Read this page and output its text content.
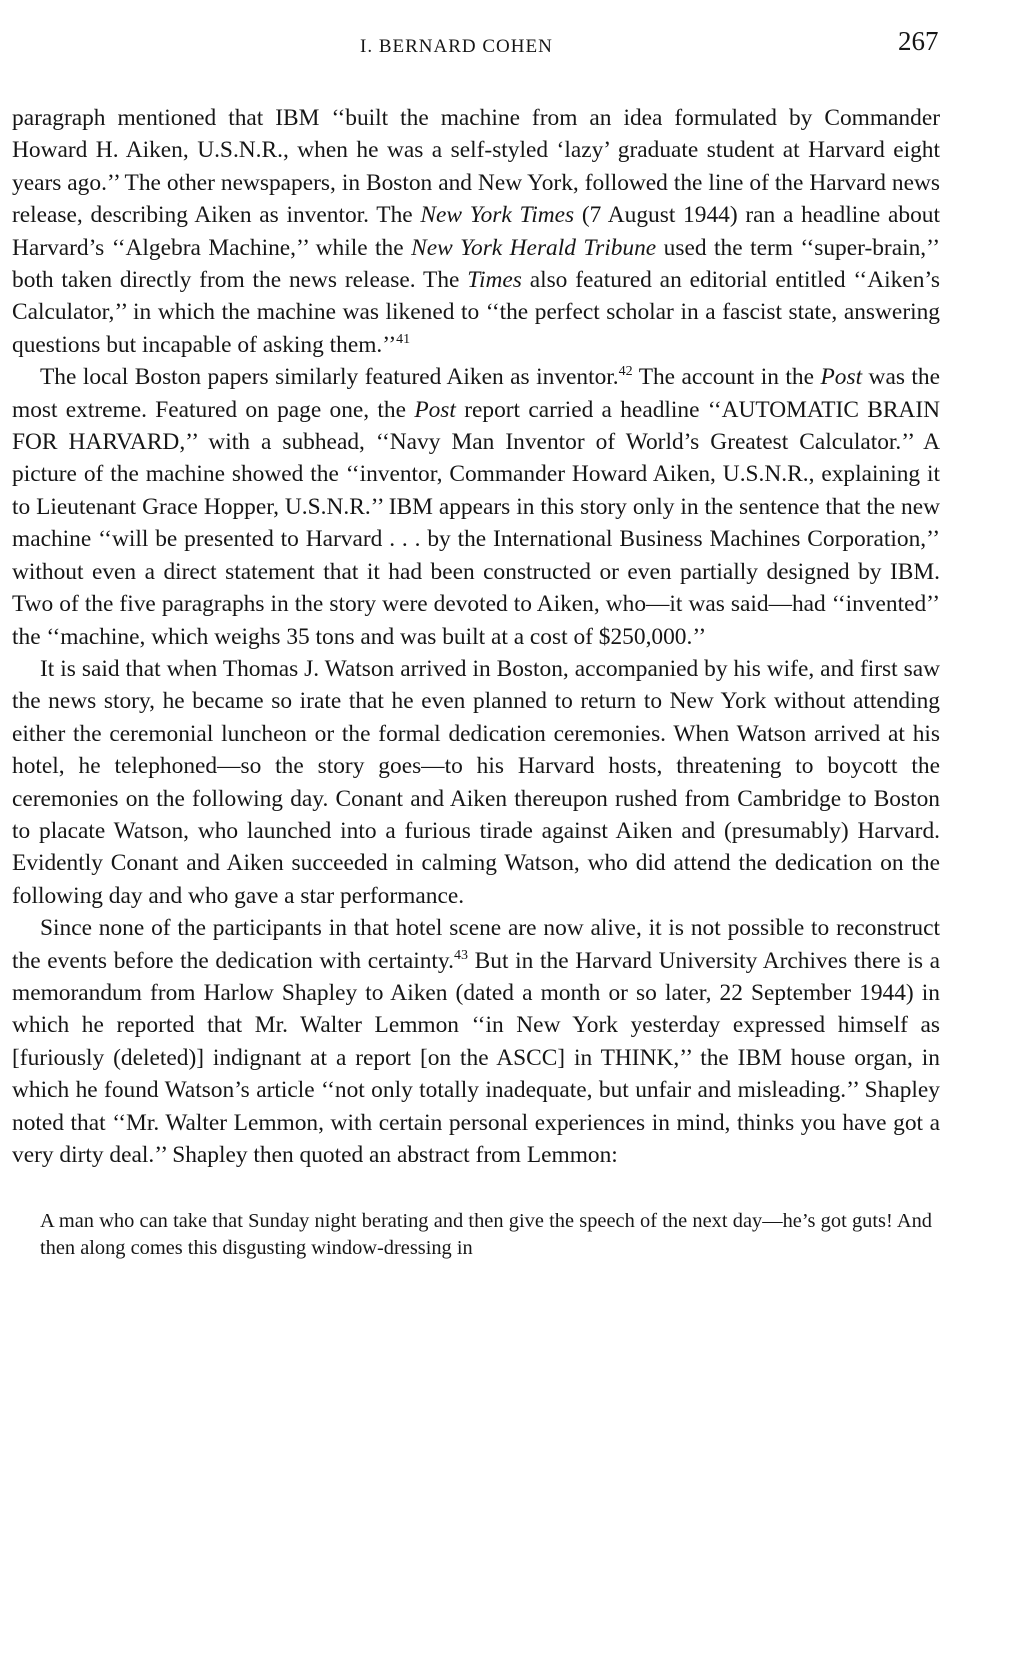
I. BERNARD COHEN	267

paragraph mentioned that IBM ‘‘built the machine from an idea formulated by Commander Howard H. Aiken, U.S.N.R., when he was a self-styled ‘lazy’ graduate student at Harvard eight years ago.’’ The other newspapers, in Boston and New York, followed the line of the Harvard news release, describing Aiken as inventor. The New York Times (7 August 1944) ran a headline about Harvard’s ‘‘Algebra Machine,’’ while the New York Herald Tribune used the term ‘‘super-brain,’’ both taken directly from the news release. The Times also featured an editorial entitled ‘‘Aiken’s Calculator,’’ in which the machine was likened to ‘‘the perfect scholar in a fascist state, answering questions but incapable of asking them.’’$^{41}$

The local Boston papers similarly featured Aiken as inventor.$^{42}$ The account in the Post was the most extreme. Featured on page one, the Post report carried a headline ‘‘AUTOMATIC BRAIN FOR HARVARD,’’ with a subhead, ‘‘Navy Man Inventor of World’s Greatest Calculator.’’ A picture of the machine showed the ‘‘inventor, Commander Howard Aiken, U.S.N.R., explaining it to Lieutenant Grace Hopper, U.S.N.R.’’ IBM appears in this story only in the sentence that the new machine ‘‘will be presented to Harvard . . . by the International Business Machines Corporation,’’ without even a direct statement that it had been constructed or even partially designed by IBM. Two of the five paragraphs in the story were devoted to Aiken, who—it was said—had ‘‘invented’’ the ‘‘machine, which weighs 35 tons and was built at a cost of $250,000.’’

It is said that when Thomas J. Watson arrived in Boston, accompanied by his wife, and first saw the news story, he became so irate that he even planned to return to New York without attending either the ceremonial luncheon or the formal dedication ceremonies. When Watson arrived at his hotel, he telephoned—so the story goes—to his Harvard hosts, threatening to boycott the ceremonies on the following day. Conant and Aiken thereupon rushed from Cambridge to Boston to placate Watson, who launched into a furious tirade against Aiken and (presumably) Harvard. Evidently Conant and Aiken succeeded in calming Watson, who did attend the dedication on the following day and who gave a star performance.

Since none of the participants in that hotel scene are now alive, it is not possible to reconstruct the events before the dedication with certainty.$^{43}$ But in the Harvard University Archives there is a memorandum from Harlow Shapley to Aiken (dated a month or so later, 22 September 1944) in which he reported that Mr. Walter Lemmon ‘‘in New York yesterday expressed himself as [furiously (deleted)] indignant at a report [on the ASCC] in THINK,’’ the IBM house organ, in which he found Watson’s article ‘‘not only totally inadequate, but unfair and misleading.’’ Shapley noted that ‘‘Mr. Walter Lemmon, with certain personal experiences in mind, thinks you have got a very dirty deal.’’ Shapley then quoted an abstract from Lemmon:

A man who can take that Sunday night berating and then give the speech of the next day—he’s got guts! And then along comes this disgusting window-dressing in
